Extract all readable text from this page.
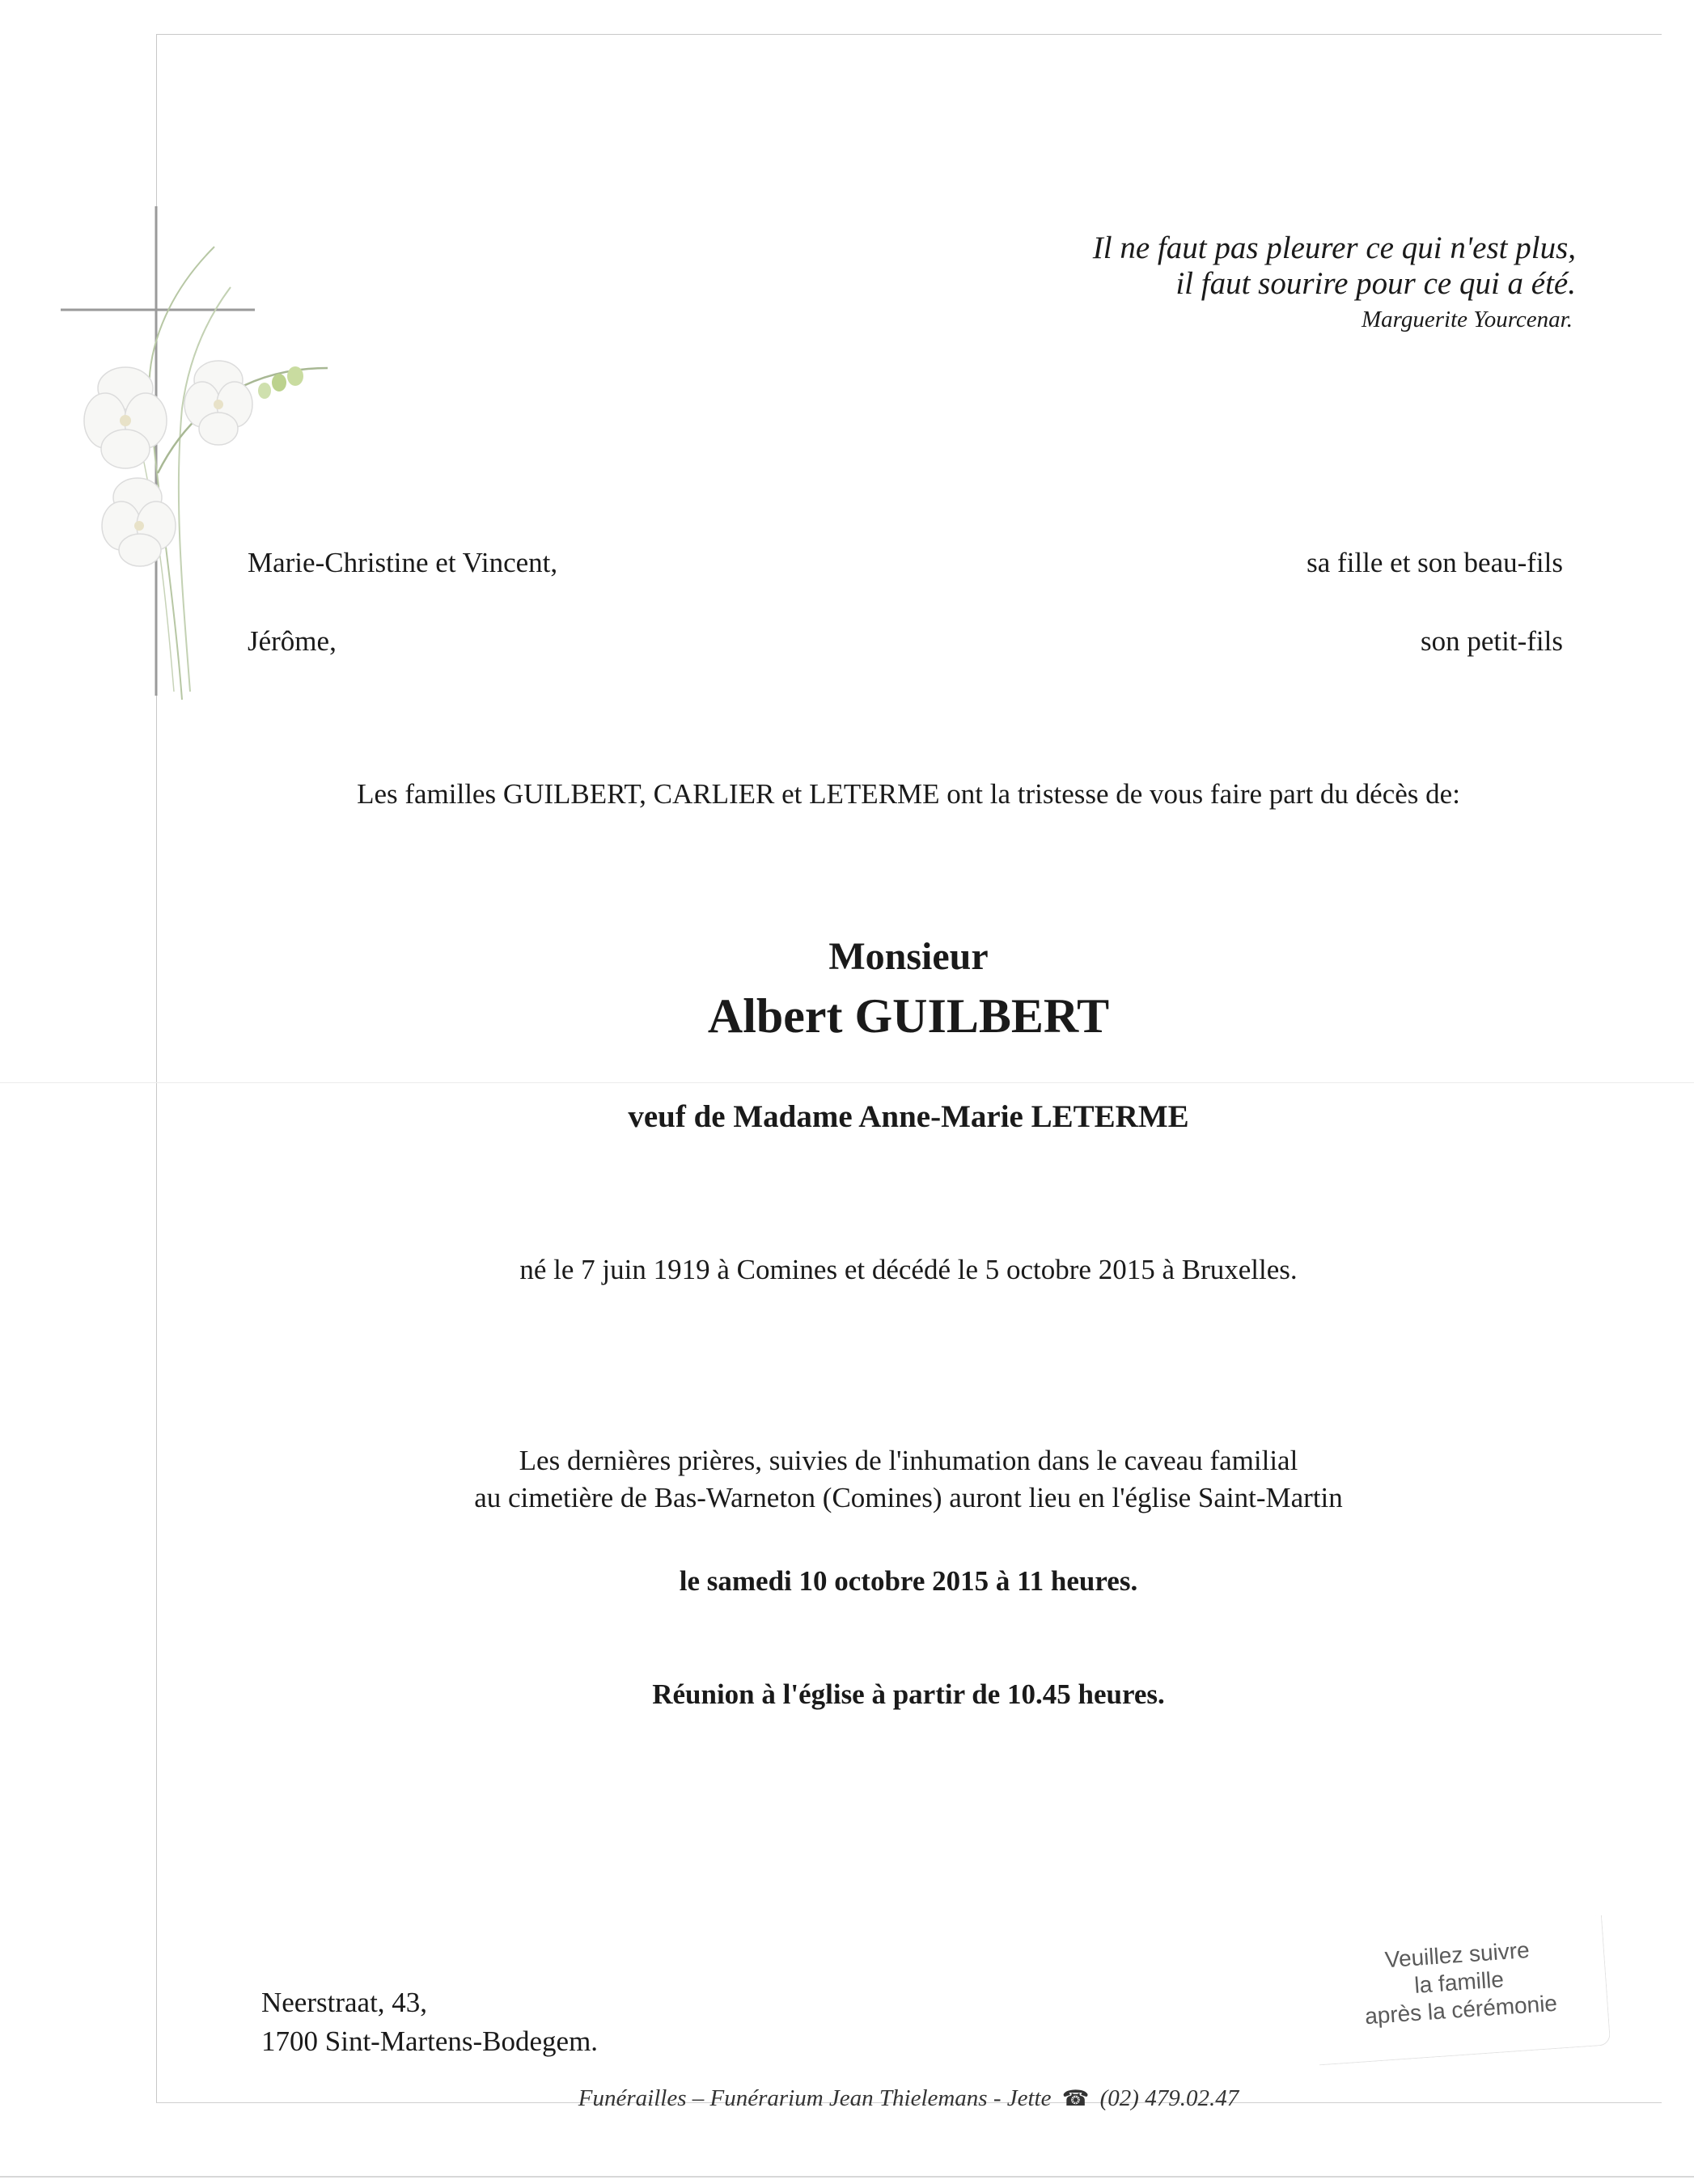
Il ne faut pas pleurer ce qui n'est plus,
il faut sourire pour ce qui a été.
Marguerite Yourcenar.
Marie-Christine et Vincent,	sa fille et son beau-fils
Jérôme,	son petit-fils
Les familles GUILBERT, CARLIER et LETERME ont la tristesse de vous faire part du décès de:
Monsieur
Albert GUILBERT
veuf de Madame Anne-Marie LETERME
né le 7 juin 1919 à Comines et décédé le 5 octobre 2015 à Bruxelles.
Les dernières prières, suivies de l'inhumation dans le caveau familial
au cimetière de Bas-Warneton (Comines) auront lieu en l'église Saint-Martin
le samedi 10 octobre 2015 à 11 heures.
Réunion à l'église à partir de 10.45 heures.
Neerstraat, 43,
1700 Sint-Martens-Bodegem.
Veuillez suivre
la famille
après la cérémonie
Funérailles – Funérarium Jean Thielemans - Jette ☎ (02) 479.02.47
